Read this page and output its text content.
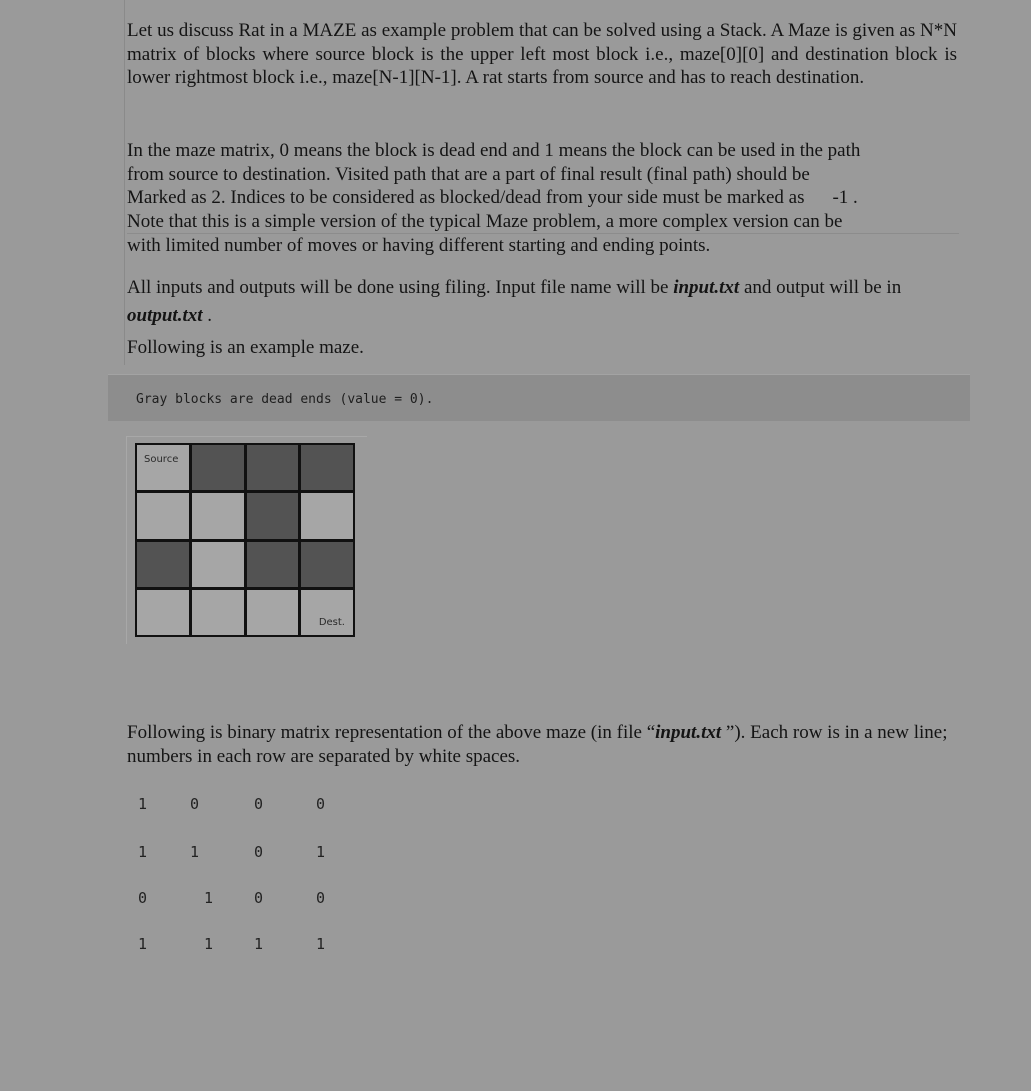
Let us discuss Rat in a MAZE as example problem that can be solved using a Stack. A Maze is given as N*N matrix of blocks where source block is the upper left most block i.e., maze[0][0] and destination block is lower rightmost block i.e., maze[N-1][N-1]. A rat starts from source and has to reach destination.

In the maze matrix, 0 means the block is dead end and 1 means the block can be used in the path
from source to destination. Visited path that are a part of final result (final path) should be
Marked as 2. Indices to be considered as blocked/dead from your side must be marked as -1 .
Note that this is a simple version of the typical Maze problem, a more complex version can be
with limited number of moves or having different starting and ending points.

All inputs and outputs will be done using filing. Input file name will be input.txt and output will be in output.txt .

Following is an example maze.

Gray blocks are dead ends (value = 0).
Source
Dest.

Following is binary matrix representation of the above maze (in file “input.txt ”). Each row is in a new line; numbers in each row are separated by white spaces.

1	0	0	0
1	1	0	1
0	1	0	0
1	1	1	1
